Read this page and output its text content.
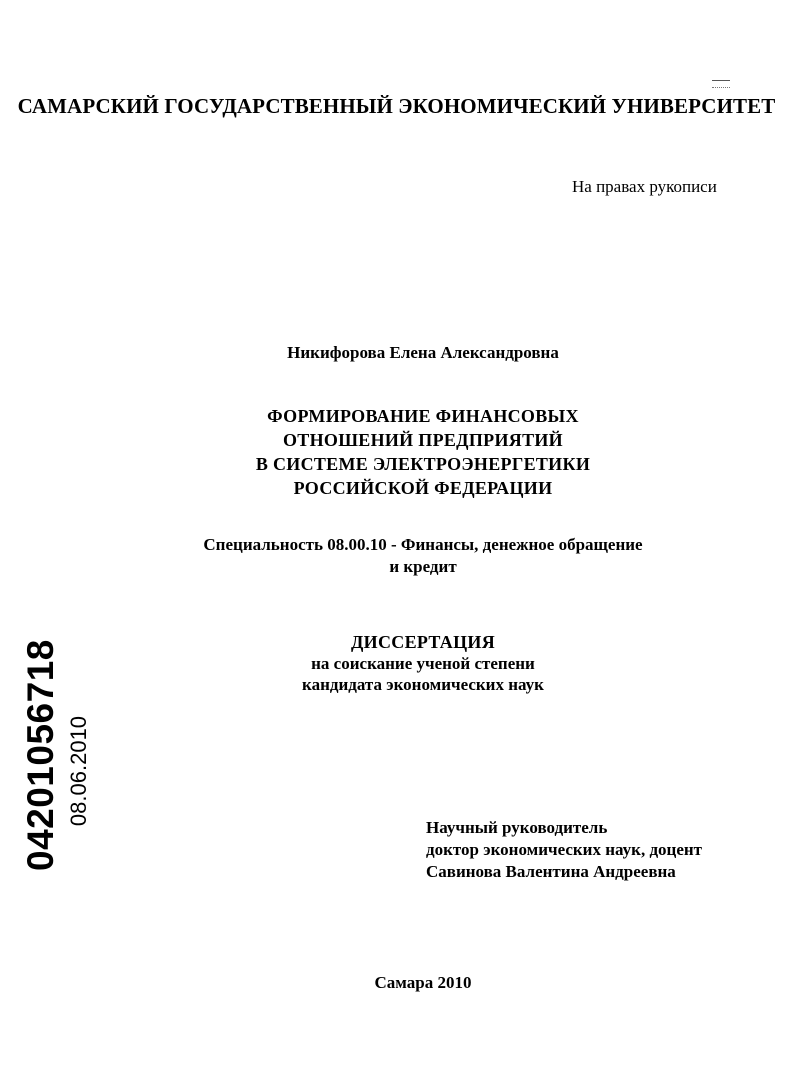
САМАРСКИЙ ГОСУДАРСТВЕННЫЙ ЭКОНОМИЧЕСКИЙ УНИВЕРСИТЕТ
На правах рукописи
Никифорова Елена Александровна
ФОРМИРОВАНИЕ ФИНАНСОВЫХ
ОТНОШЕНИЙ ПРЕДПРИЯТИЙ
В СИСТЕМЕ ЭЛЕКТРОЭНЕРГЕТИКИ
РОССИЙСКОЙ ФЕДЕРАЦИИ
Специальность 08.00.10 - Финансы, денежное обращение
и кредит
ДИССЕРТАЦИЯ
на соискание ученой степени
кандидата экономических наук
Научный руководитель
доктор экономических наук, доцент
Савинова Валентина Андреевна
Самара 2010
04201056718 08.06.2010
